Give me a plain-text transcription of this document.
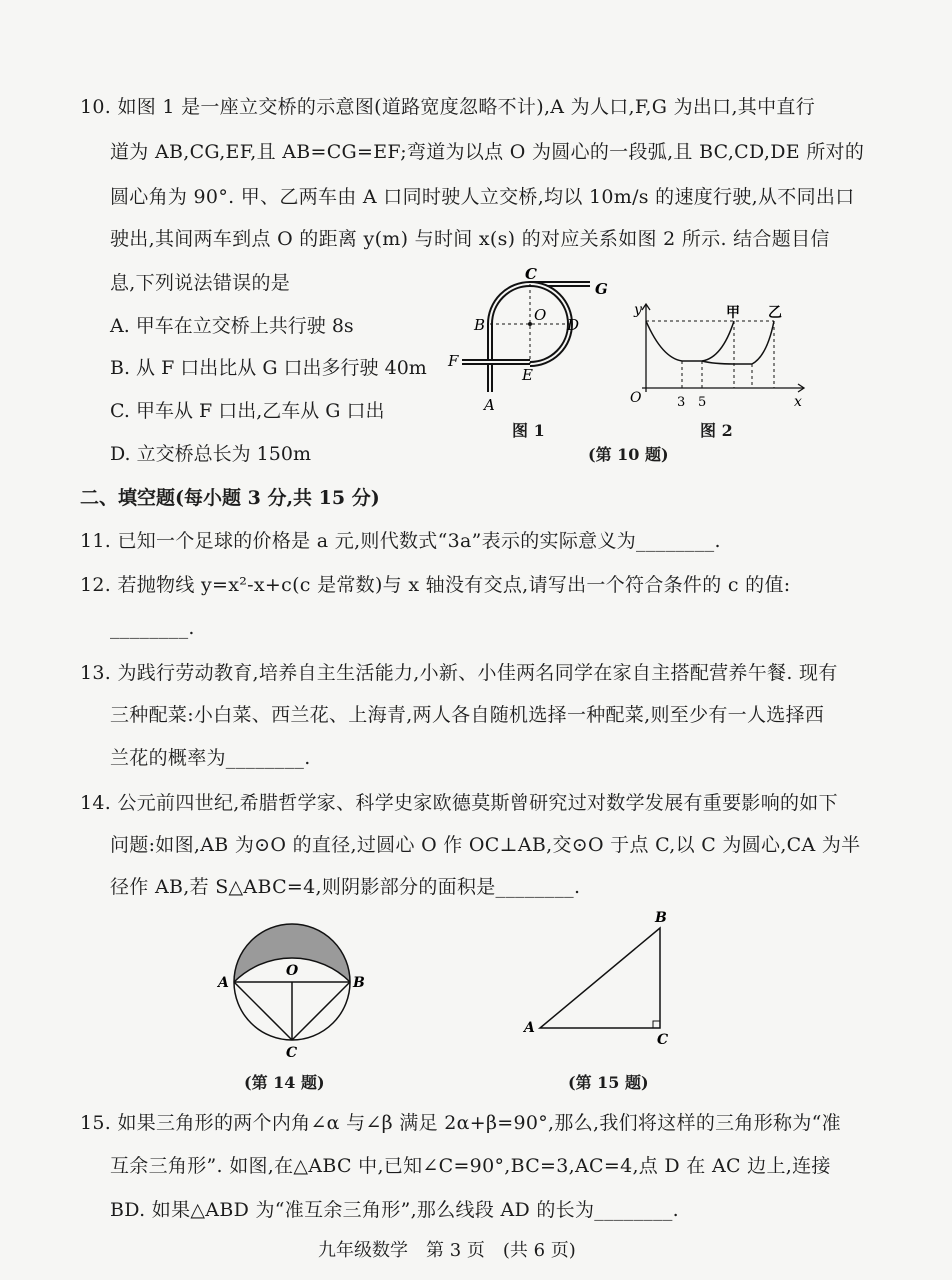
10. 如图 1 是一座立交桥的示意图(道路宽度忽略不计),A 为人口,F,G 为出口,其中直行
道为 AB,CG,EF,且 AB=CG=EF;弯道为以点 O 为圆心的一段弧,且 BC,CD,DE 所对的
圆心角为 90°. 甲、乙两车由 A 口同时驶人立交桥,均以 10m/s 的速度行驶,从不同出口
驶出,其间两车到点 O 的距离 y(m) 与时间 x(s) 的对应关系如图 2 所示. 结合题目信
息,下列说法错误的是
A. 甲车在立交桥上共行驶 8s
B. 从 F 口出比从 G 口出多行驶 40m
C. 甲车从 F 口出,乙车从 G 口出
D. 立交桥总长为 150m
C
G
B
O
D
F
E
A
图 1
y
O	3 5	x
甲 乙
图 2
(第 10 题)
二、填空题(每小题 3 分,共 15 分)
11. 已知一个足球的价格是 a 元,则代数式“3a”表示的实际意义为________.
12. 若抛物线 y=x²-x+c(c 是常数)与 x 轴没有交点,请写出一个符合条件的 c 的值:
________.
13. 为践行劳动教育,培养自主生活能力,小新、小佳两名同学在家自主搭配营养午餐. 现有
三种配菜:小白菜、西兰花、上海青,两人各自随机选择一种配菜,则至少有一人选择西
兰花的概率为________.
14. 公元前四世纪,希腊哲学家、科学史家欧德莫斯曾研究过对数学发展有重要影响的如下
问题:如图,AB 为⊙O 的直径,过圆心 O 作 OC⊥AB,交⊙O 于点 C,以 C 为圆心,CA 为半
径作 AB,若 S△ABC=4,则阴影部分的面积是________.
A	B
O
C
(第 14 题)
A
B
C
(第 15 题)
15. 如果三角形的两个内角∠α 与∠β 满足 2α+β=90°,那么,我们将这样的三角形称为“准
互余三角形”. 如图,在△ABC 中,已知∠C=90°,BC=3,AC=4,点 D 在 AC 边上,连接
BD. 如果△ABD 为“准互余三角形”,那么线段 AD 的长为________.
九年级数学　第 3 页　(共 6 页)
